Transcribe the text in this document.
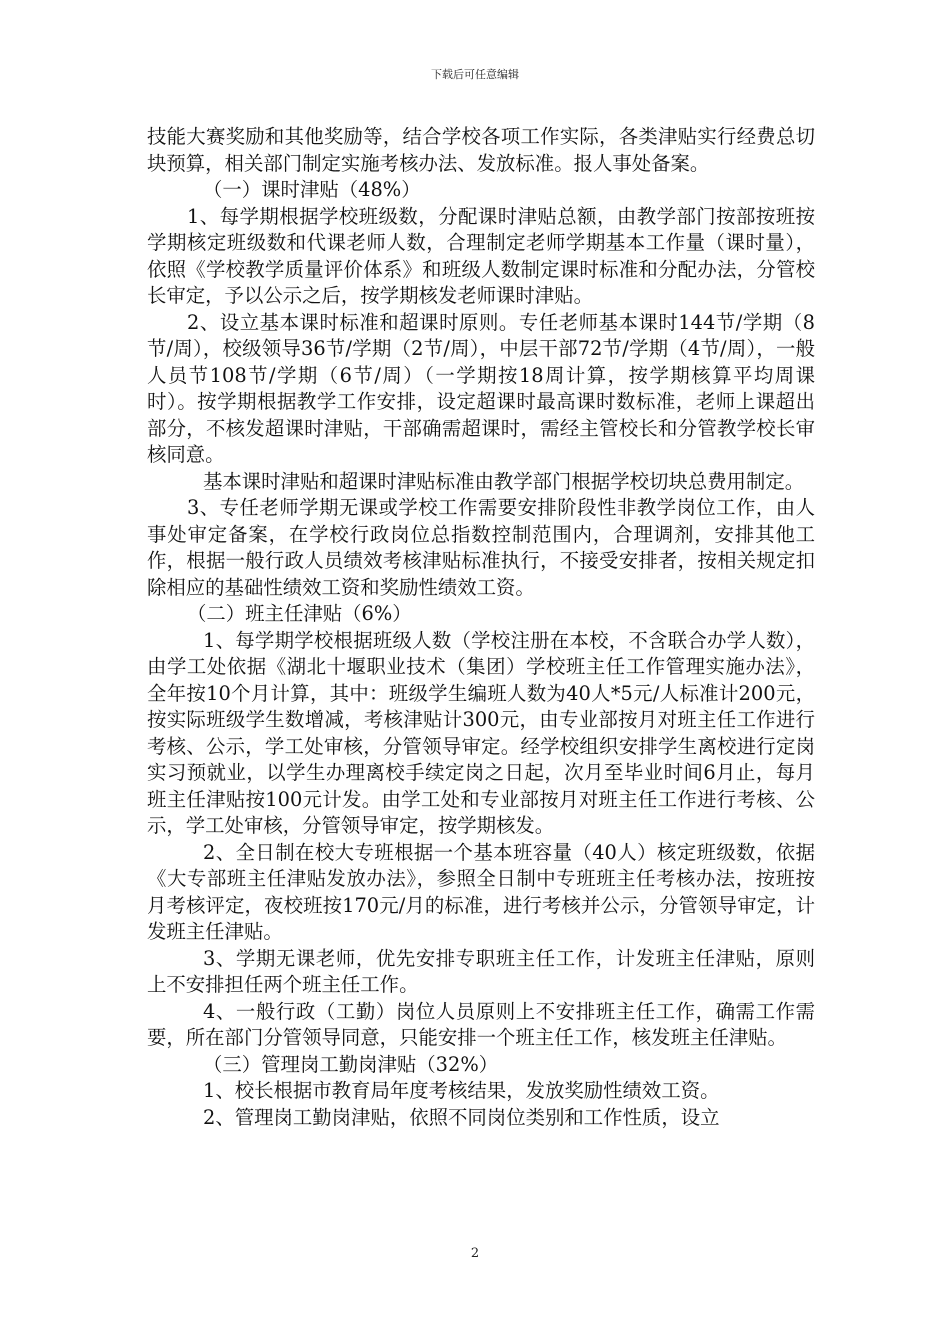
下载后可任意编辑

技能大赛奖励和其他奖励等，结合学校各项工作实际，各类津贴实行经费总切块预算，相关部门制定实施考核办法、发放标准。报人事处备案。

（一）课时津贴（48%）

1、每学期根据学校班级数，分配课时津贴总额，由教学部门按部按班按学期核定班级数和代课老师人数，合理制定老师学期基本工作量（课时量），依照《学校教学质量评价体系》和班级人数制定课时标准和分配办法，分管校长审定，予以公示之后，按学期核发老师课时津贴。

2、设立基本课时标准和超课时原则。专任老师基本课时144节/学期（8节/周），校级领导36节/学期（2节/周），中层干部72节/学期（4节/周），一般人员节108节/学期（6节/周）（一学期按18周计算，按学期核算平均周课时）。按学期根据教学工作安排，设定超课时最高课时数标准，老师上课超出部分，不核发超课时津贴，干部确需超课时，需经主管校长和分管教学校长审核同意。

基本课时津贴和超课时津贴标准由教学部门根据学校切块总费用制定。

3、专任老师学期无课或学校工作需要安排阶段性非教学岗位工作，由人事处审定备案，在学校行政岗位总指数控制范围内，合理调剂，安排其他工作，根据一般行政人员绩效考核津贴标准执行，不接受安排者，按相关规定扣除相应的基础性绩效工资和奖励性绩效工资。

（二）班主任津贴（6%）

1、每学期学校根据班级人数（学校注册在本校，不含联合办学人数），由学工处依据《湖北十堰职业技术（集团）学校班主任工作管理实施办法》，全年按10个月计算，其中：班级学生编班人数为40人*5元/人标准计200元，按实际班级学生数增减，考核津贴计300元，由专业部按月对班主任工作进行考核、公示，学工处审核，分管领导审定。经学校组织安排学生离校进行定岗实习预就业，以学生办理离校手续定岗之日起，次月至毕业时间6月止，每月班主任津贴按100元计发。由学工处和专业部按月对班主任工作进行考核、公示，学工处审核，分管领导审定，按学期核发。

2、全日制在校大专班根据一个基本班容量（40人）核定班级数，依据《大专部班主任津贴发放办法》，参照全日制中专班班主任考核办法，按班按月考核评定，夜校班按170元/月的标准，进行考核并公示，分管领导审定，计发班主任津贴。

3、学期无课老师，优先安排专职班主任工作，计发班主任津贴，原则上不安排担任两个班主任工作。

4、一般行政（工勤）岗位人员原则上不安排班主任工作，确需工作需要，所在部门分管领导同意，只能安排一个班主任工作，核发班主任津贴。

（三）管理岗工勤岗津贴（32%）

1、校长根据市教育局年度考核结果，发放奖励性绩效工资。

2、管理岗工勤岗津贴，依照不同岗位类别和工作性质，设立

2
